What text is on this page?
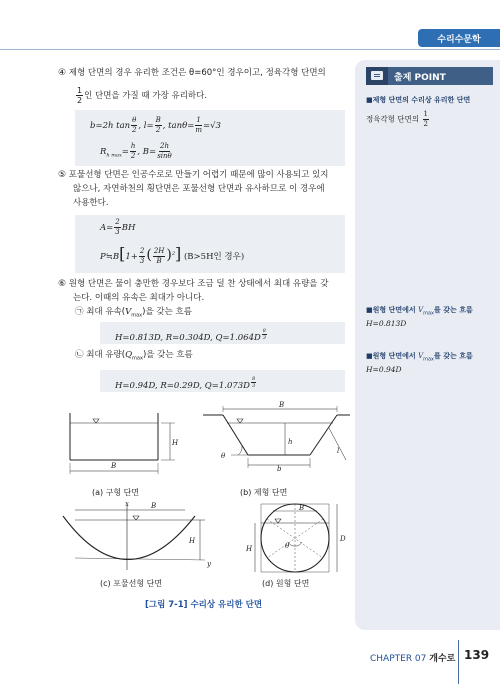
수리수문학
출제 POINT
■제형 단면의 수리상 유리한 단면
정육각형 단면의 $\frac{1}{2}$
■원형 단면에서 $V_{max}$를 갖는 흐름
H=0.813D
■원형 단면에서 $V_{max}$를 갖는 흐름
H=0.94D
④ 제형 단면의 경우 유리한 조건은 θ=60°인 경우이고, 정육각형 단면의
$\frac{1}{2}$ 인 단면을 가질 때 가장 유리하다.
b=2h $\tan \frac{\theta}{2}$ , $l= \frac{B}{2}$ , $\tan\theta= \frac{1}{m} =√3$
$R_{h max}= \frac{h}{2}$ , $B= \frac{2h}{\sin\theta}$
⑤ 포물선형 단면은 인공수로로 만들기 어렵기 때문에 많이 사용되고 있지
않으나, 자연하천의 횡단면은 포물선형 단면과 유사하므로 이 경우에
사용한다.
$A= \frac{2}{3}$ BH
P≒B[1+ $\frac{2}{3}$ ( $\frac{2H}{B} )^2$] (B>5H인 경우)
⑥ 원형 단면은 물이 충만한 경우보다 조금 덜 찬 상태에서 최대 유량을 갖
는다. 이때의 유속은 최대가 아니다.
㉠ 최대 유속$(V_{max})$을 갖는 흐름
H=0.813D, R=0.304D, Q=1.064D $^{\frac{8}{3}}$
㉡ 최대 유량$(Q_{max})$을 갖는 흐름
H=0.94D, R=0.29D, Q=1.073D $^{\frac{8}{3}}$
H
B
(a) 구형 단면
B
h
l
b
θ
(b) 제형 단면
x
y
H
B
(c) 포물선형 단면
θ
H
D
B
(d) 원형 단면
[그림 7-1] 수리상 유리한 단면
CHAPTER 07 개수로 139
